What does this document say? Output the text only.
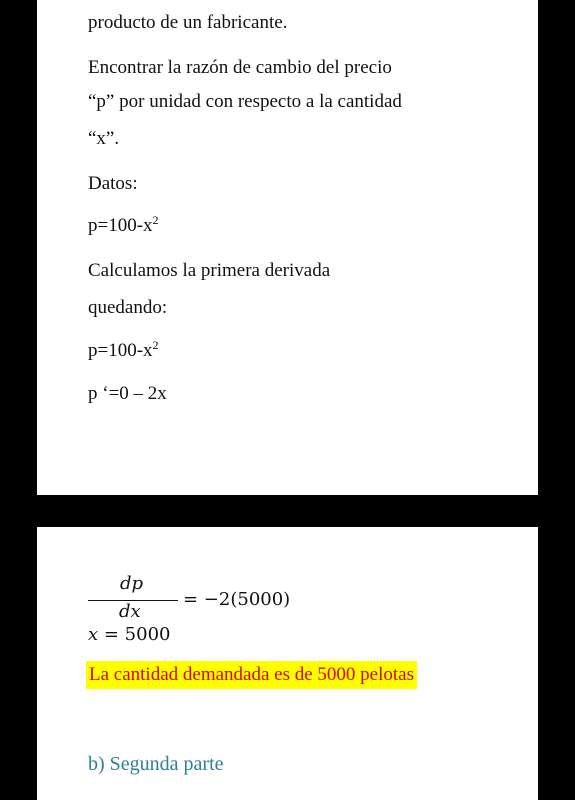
producto de un fabricante.
Encontrar la razón de cambio del precio
“p” por unidad con respecto a la cantidad
“x”.
Datos:
$p=100-x^2$
Calculamos la primera derivada
quedando:
$p=100-x^2$
p ‘=0 – 2x
dp
dx
= −2(5000)
x = 5000
La cantidad demandada es de 5000 pelotas
b) Segunda parte
